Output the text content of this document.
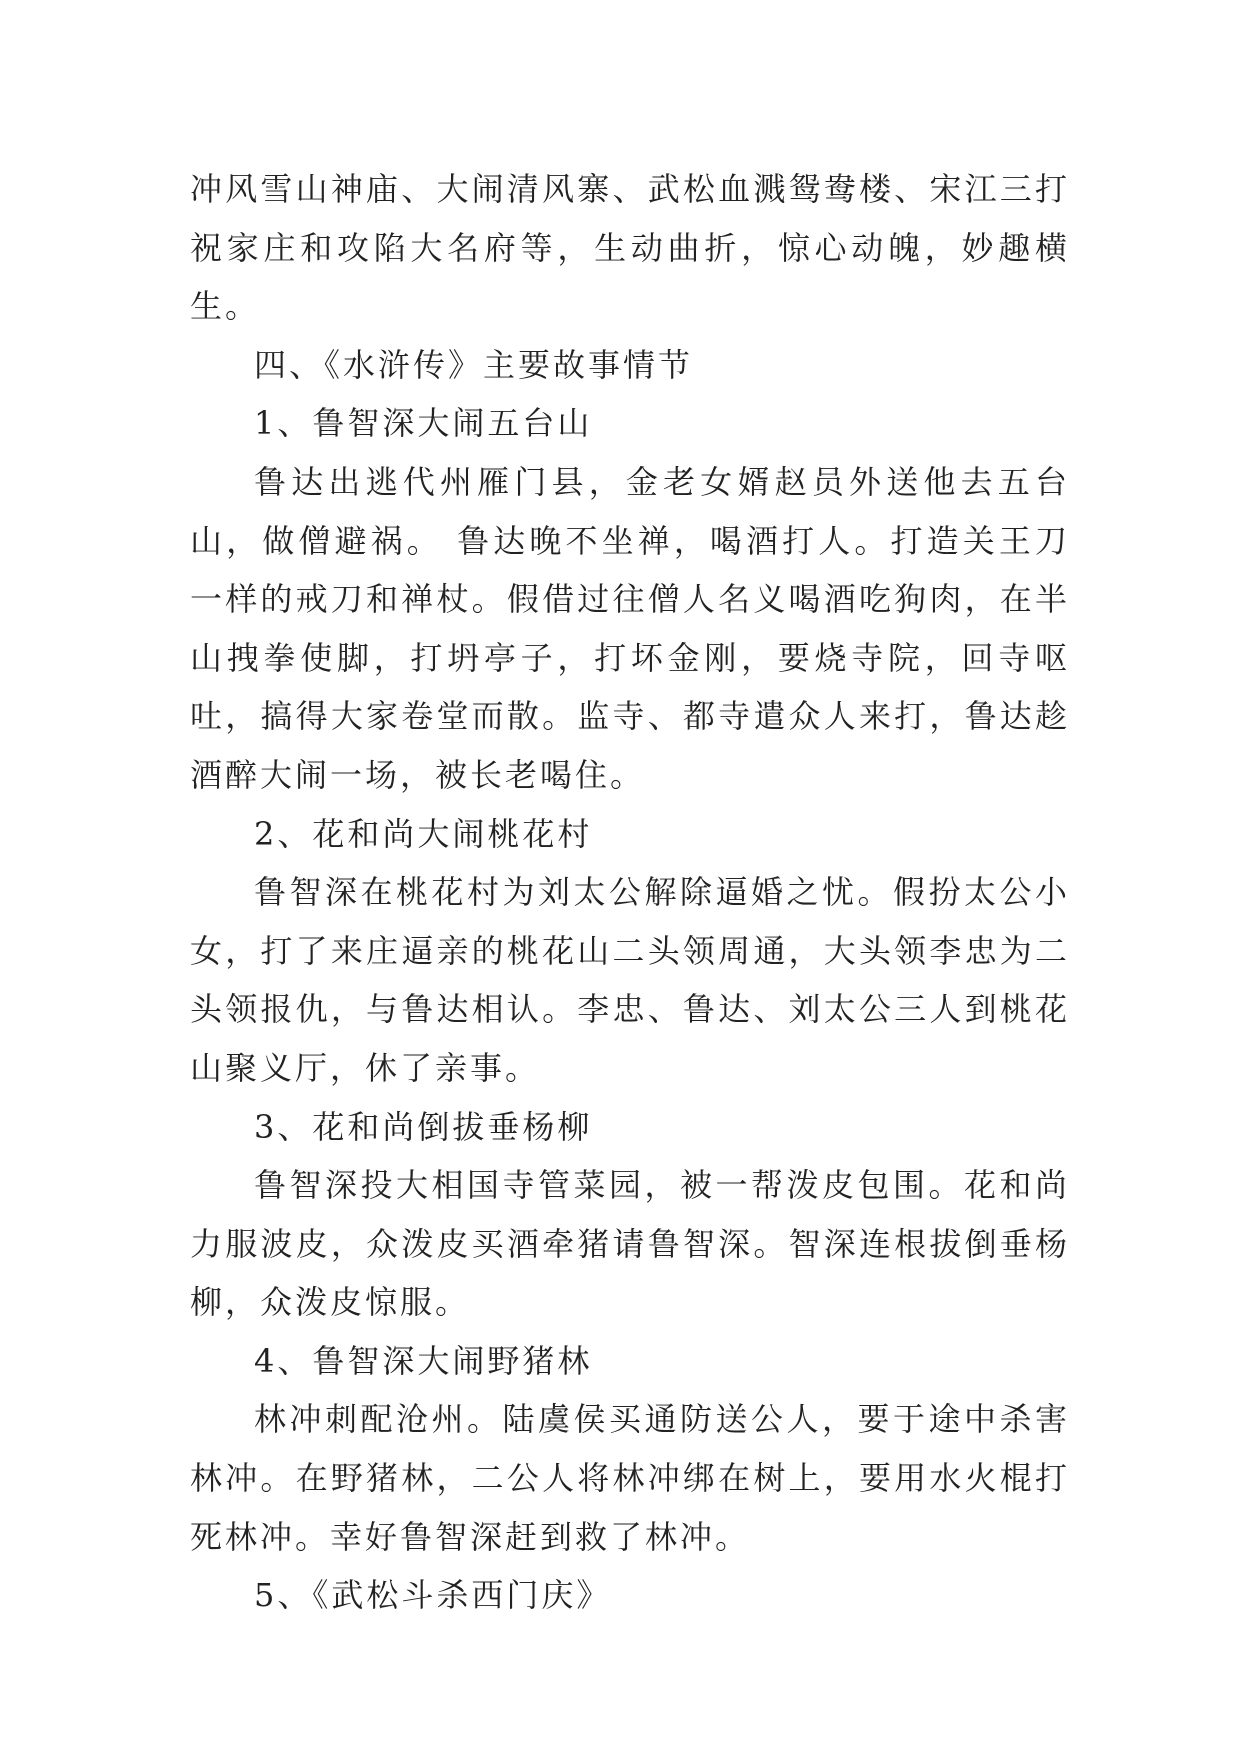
冲风雪山神庙、大闹清风寨、武松血溅鸳鸯楼、宋江三打祝家庄和攻陷大名府等，生动曲折，惊心动魄，妙趣横生。

四、《水浒传》主要故事情节

1、鲁智深大闹五台山

鲁达出逃代州雁门县，金老女婿赵员外送他去五台山，做僧避祸。 鲁达晚不坐禅，喝酒打人。打造关王刀一样的戒刀和禅杖。假借过往僧人名义喝酒吃狗肉，在半山拽拳使脚，打坍亭子，打坏金刚，要烧寺院，回寺呕吐，搞得大家卷堂而散。监寺、都寺遣众人来打，鲁达趁酒醉大闹一场，被长老喝住。

2、花和尚大闹桃花村

鲁智深在桃花村为刘太公解除逼婚之忧。假扮太公小女，打了来庄逼亲的桃花山二头领周通，大头领李忠为二头领报仇，与鲁达相认。李忠、鲁达、刘太公三人到桃花山聚义厅，休了亲事。

3、花和尚倒拔垂杨柳

鲁智深投大相国寺管菜园，被一帮泼皮包围。花和尚力服波皮，众泼皮买酒牵猪请鲁智深。智深连根拔倒垂杨柳，众泼皮惊服。

4、鲁智深大闹野猪林

林冲刺配沧州。陆虞侯买通防送公人，要于途中杀害林冲。在野猪林，二公人将林冲绑在树上，要用水火棍打死林冲。幸好鲁智深赶到救了林冲。

5、《武松斗杀西门庆》
